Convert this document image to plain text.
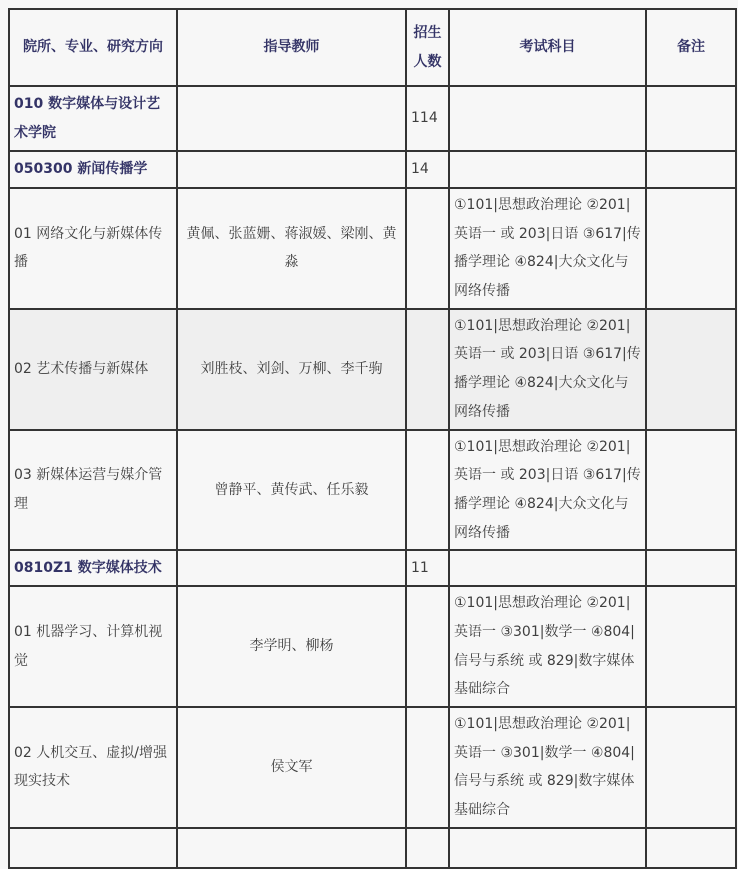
院所、专业、研究方向	指导教师	招生人数	考试科目	备注
010 数字媒体与设计艺术学院		114		
050300 新闻传播学		14		
01 网络文化与新媒体传播	黄佩、张蓝姗、蒋淑媛、梁刚、黄淼		①101|思想政治理论 ②201|英语一 或 203|日语 ③617|传播学理论 ④824|大众文化与网络传播	
02 艺术传播与新媒体	刘胜枝、刘剑、万柳、李千驹		①101|思想政治理论 ②201|英语一 或 203|日语 ③617|传播学理论 ④824|大众文化与网络传播	
03 新媒体运营与媒介管理	曾静平、黄传武、任乐毅		①101|思想政治理论 ②201|英语一 或 203|日语 ③617|传播学理论 ④824|大众文化与网络传播	
0810Z1 数字媒体技术		11		
01 机器学习、计算机视觉	李学明、柳杨		①101|思想政治理论 ②201|英语一 ③301|数学一 ④804|信号与系统 或 829|数字媒体基础综合	
02 人机交互、虚拟/增强现实技术	侯文军		①101|思想政治理论 ②201|英语一 ③301|数学一 ④804|信号与系统 或 829|数字媒体基础综合	
